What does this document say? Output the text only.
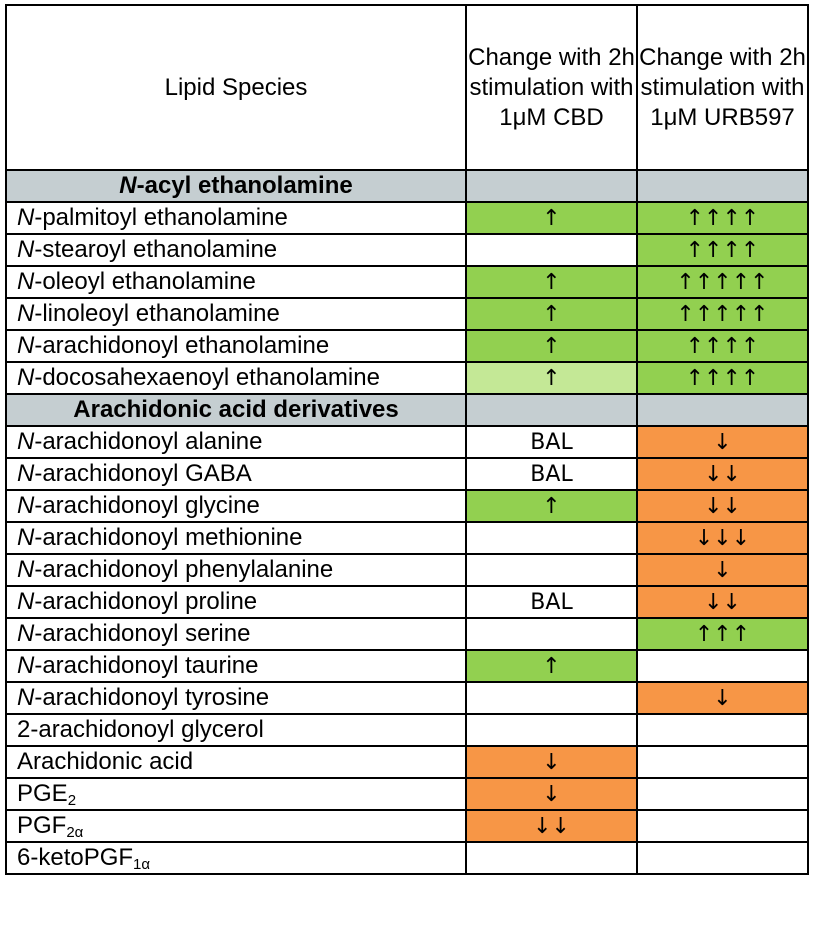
Lipid Species	Change with 2h stimulation with 1μM CBD	Change with 2h stimulation with 1μM URB597
N-acyl ethanolamine		
N-palmitoyl ethanolamine	↑	↑↑↑↑
N-stearoyl ethanolamine		↑↑↑↑
N-oleoyl ethanolamine	↑	↑↑↑↑↑
N-linoleoyl ethanolamine	↑	↑↑↑↑↑
N-arachidonoyl ethanolamine	↑	↑↑↑↑
N-docosahexaenoyl ethanolamine	↑	↑↑↑↑
Arachidonic acid derivatives		
N-arachidonoyl alanine	BAL	↓
N-arachidonoyl GABA	BAL	↓↓
N-arachidonoyl glycine	↑	↓↓
N-arachidonoyl methionine		↓↓↓
N-arachidonoyl phenylalanine		↓
N-arachidonoyl proline	BAL	↓↓
N-arachidonoyl serine		↑↑↑
N-arachidonoyl taurine	↑	
N-arachidonoyl tyrosine		↓
2-arachidonoyl glycerol		
Arachidonic acid	↓	
$PGE_2$	↓	
$PGF_{2\alpha}$	↓↓	
6-ketoPGF$_{1\alpha}$		
